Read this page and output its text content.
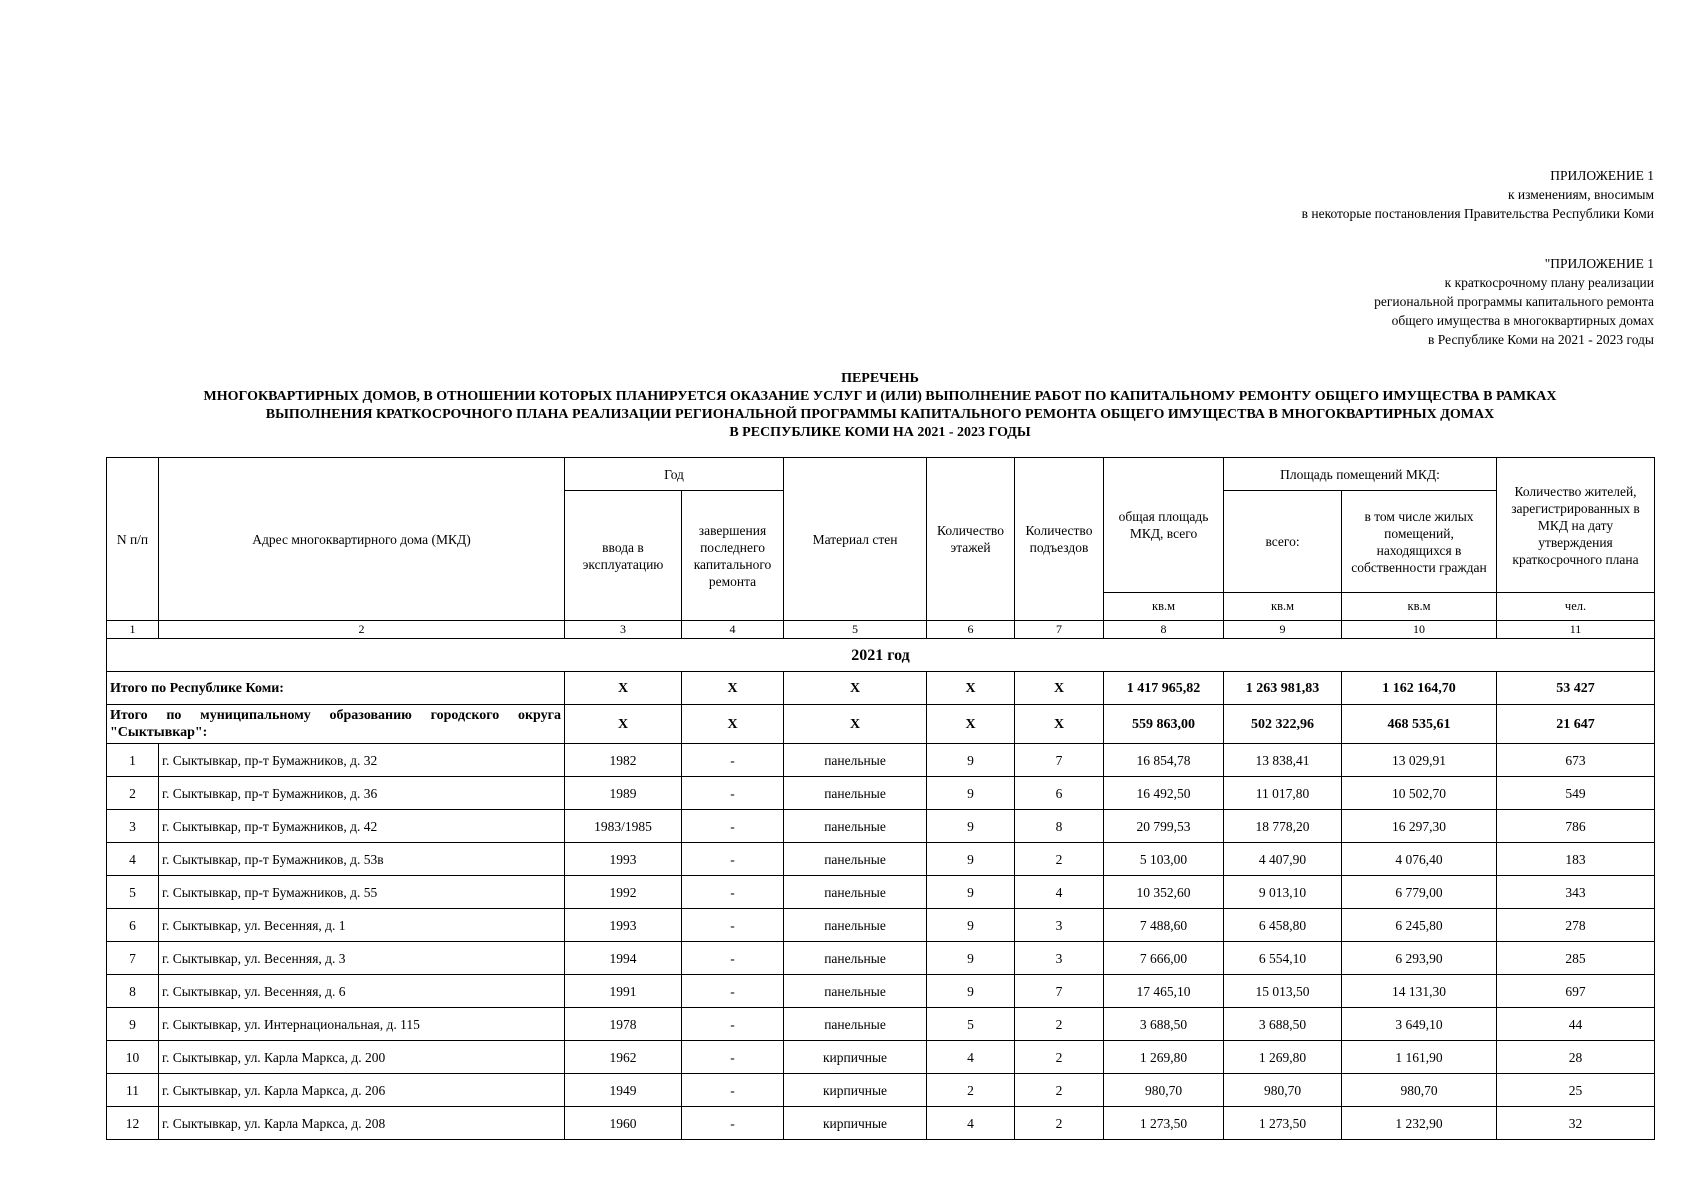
ПРИЛОЖЕНИЕ 1
к изменениям, вносимым
в некоторые постановления Правительства Республики Коми
"ПРИЛОЖЕНИЕ 1
к краткосрочному плану реализации
региональной программы капитального ремонта
общего имущества в многоквартирных домах
в Республике Коми на 2021 - 2023 годы
ПЕРЕЧЕНЬ
МНОГОКВАРТИРНЫХ ДОМОВ, В ОТНОШЕНИИ КОТОРЫХ ПЛАНИРУЕТСЯ ОКАЗАНИЕ УСЛУГ И (ИЛИ) ВЫПОЛНЕНИЕ РАБОТ ПО КАПИТАЛЬНОМУ РЕМОНТУ ОБЩЕГО ИМУЩЕСТВА В РАМКАХ
ВЫПОЛНЕНИЯ КРАТКОСРОЧНОГО ПЛАНА РЕАЛИЗАЦИИ РЕГИОНАЛЬНОЙ ПРОГРАММЫ КАПИТАЛЬНОГО РЕМОНТА ОБЩЕГО ИМУЩЕСТВА В МНОГОКВАРТИРНЫХ ДОМАХ
В РЕСПУБЛИКЕ КОМИ НА 2021 - 2023 ГОДЫ
N п/п	Адрес многоквартирного дома (МКД)	Год		Материал стен	Количество этажей	Количество подъездов	общая площадь МКД, всего	Площадь помещений МКД:		Количество жителей, зарегистрированных в МКД на дату утверждения краткосрочного плана
		ввода в эксплуатацию	завершения последнего капитального ремонта					всего:	в том числе жилых помещений, находящихся в собственности граждан	
							кв.м	кв.м	кв.м	чел.
1	2	3	4	5	6	7	8	9	10	11
2021 год										
Итого по Республике Коми:		X	X	X	X	X	1 417 965,82	1 263 981,83	1 162 164,70	53 427
Итого по муниципальному образованию городского округа "Сыктывкар":		X	X	X	X	X	559 863,00	502 322,96	468 535,61	21 647
1	г. Сыктывкар, пр-т Бумажников, д. 32	1982	-	панельные	9	7	16 854,78	13 838,41	13 029,91	673
2	г. Сыктывкар, пр-т Бумажников, д. 36	1989	-	панельные	9	6	16 492,50	11 017,80	10 502,70	549
3	г. Сыктывкар, пр-т Бумажников, д. 42	1983/1985	-	панельные	9	8	20 799,53	18 778,20	16 297,30	786
4	г. Сыктывкар, пр-т Бумажников, д. 53в	1993	-	панельные	9	2	5 103,00	4 407,90	4 076,40	183
5	г. Сыктывкар, пр-т Бумажников, д. 55	1992	-	панельные	9	4	10 352,60	9 013,10	6 779,00	343
6	г. Сыктывкар, ул. Весенняя, д. 1	1993	-	панельные	9	3	7 488,60	6 458,80	6 245,80	278
7	г. Сыктывкар, ул. Весенняя, д. 3	1994	-	панельные	9	3	7 666,00	6 554,10	6 293,90	285
8	г. Сыктывкар, ул. Весенняя, д. 6	1991	-	панельные	9	7	17 465,10	15 013,50	14 131,30	697
9	г. Сыктывкар, ул. Интернациональная, д. 115	1978	-	панельные	5	2	3 688,50	3 688,50	3 649,10	44
10	г. Сыктывкар, ул. Карла Маркса, д. 200	1962	-	кирпичные	4	2	1 269,80	1 269,80	1 161,90	28
11	г. Сыктывкар, ул. Карла Маркса, д. 206	1949	-	кирпичные	2	2	980,70	980,70	980,70	25
12	г. Сыктывкар, ул. Карла Маркса, д. 208	1960	-	кирпичные	4	2	1 273,50	1 273,50	1 232,90	32
